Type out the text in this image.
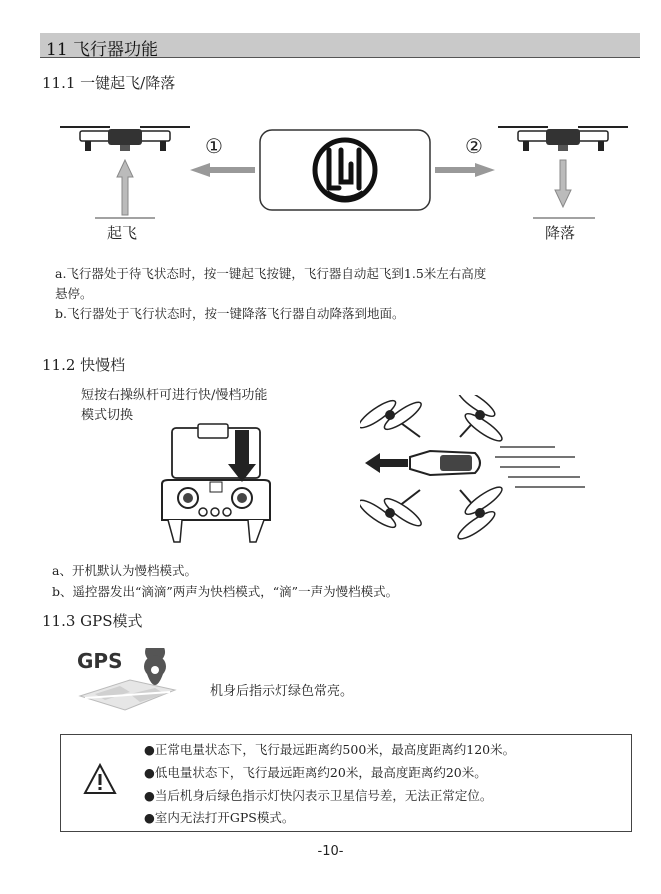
11 飞行器功能
11.1 一键起飞/降落
①	②
起飞	降落
a.飞行器处于待飞状态时，按一键起飞按键，飞行器自动起飞到1.5米左右高度
悬停。
b.飞行器处于飞行状态时，按一键降落飞行器自动降落到地面。
11.2 快慢档
短按右操纵杆可进行快/慢档功能
模式切换
a、开机默认为慢档模式。
b、遥控器发出“滴滴”两声为快档模式，“滴”一声为慢档模式。
11.3 GPS模式
GPS
机身后指示灯绿色常亮。
●正常电量状态下，飞行最远距离约500米，最高度距离约120米。
●低电量状态下，飞行最远距离约20米，最高度距离约20米。
●当后机身后绿色指示灯快闪表示卫星信号差，无法正常定位。
●室内无法打开GPS模式。
-10-
